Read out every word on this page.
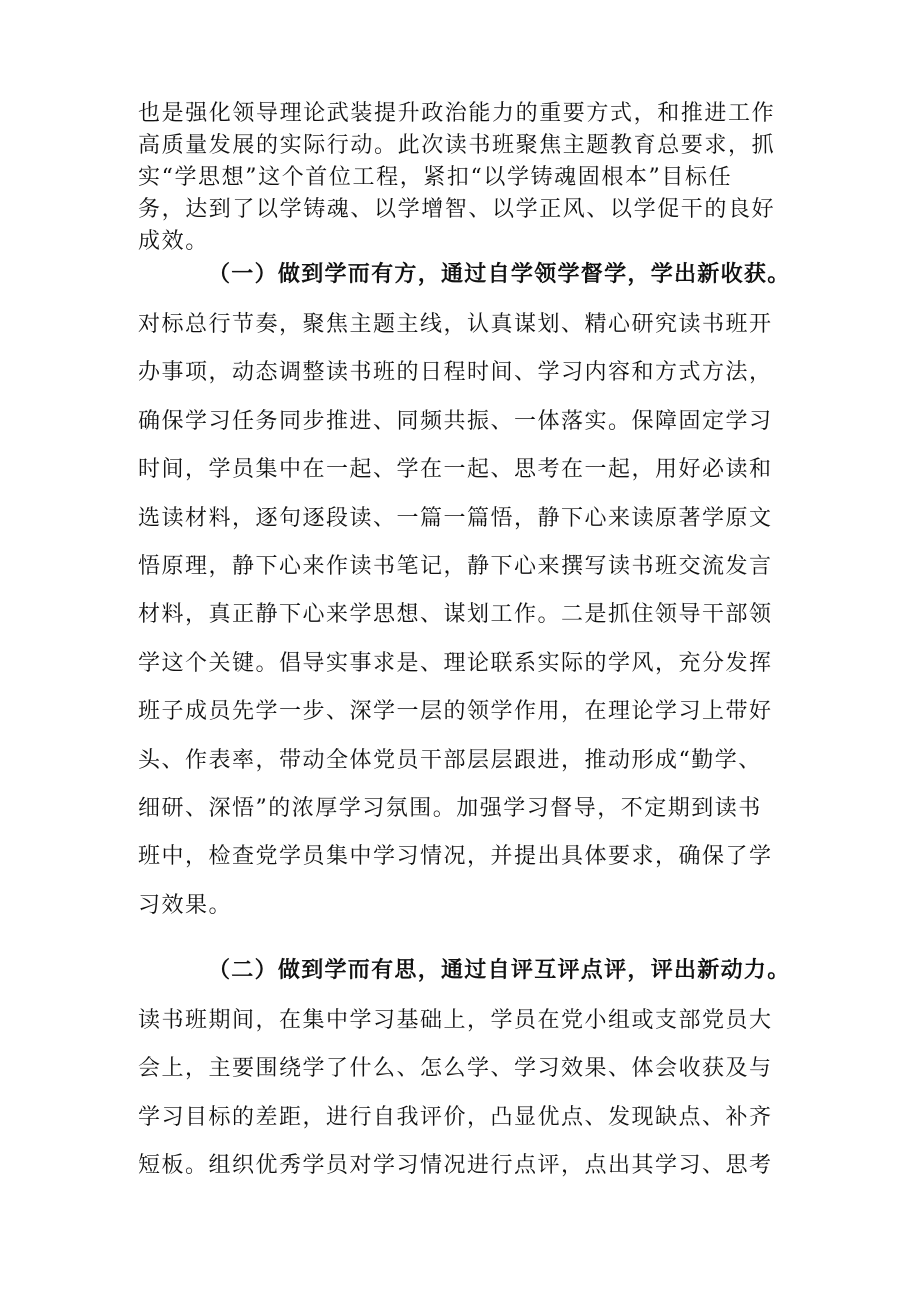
也是强化领导理论武装提升政治能力的重要方式，和推进工作高质量发展的实际行动。此次读书班聚焦主题教育总要求，抓实“学思想”这个首位工程，紧扣“以学铸魂固根本”目标任务，达到了以学铸魂、以学增智、以学正风、以学促干的良好成效。

（一）做到学而有方，通过自学领学督学，学出新收获。

对标总行节奏，聚焦主题主线，认真谋划、精心研究读书班开办事项，动态调整读书班的日程时间、学习内容和方式方法，确保学习任务同步推进、同频共振、一体落实。保障固定学习时间，学员集中在一起、学在一起、思考在一起，用好必读和选读材料，逐句逐段读、一篇一篇悟，静下心来读原著学原文悟原理，静下心来作读书笔记，静下心来撰写读书班交流发言材料，真正静下心来学思想、谋划工作。二是抓住领导干部领学这个关键。倡导实事求是、理论联系实际的学风，充分发挥班子成员先学一步、深学一层的领学作用，在理论学习上带好头、作表率，带动全体党员干部层层跟进，推动形成“勤学、细研、深悟”的浓厚学习氛围。加强学习督导，不定期到读书班中，检查党学员集中学习情况，并提出具体要求，确保了学习效果。

（二）做到学而有思，通过自评互评点评，评出新动力。

读书班期间，在集中学习基础上，学员在党小组或支部党员大会上，主要围绕学了什么、怎么学、学习效果、体会收获及与学习目标的差距，进行自我评价，凸显优点、发现缺点、补齐短板。组织优秀学员对学习情况进行点评，点出其学习、思考
